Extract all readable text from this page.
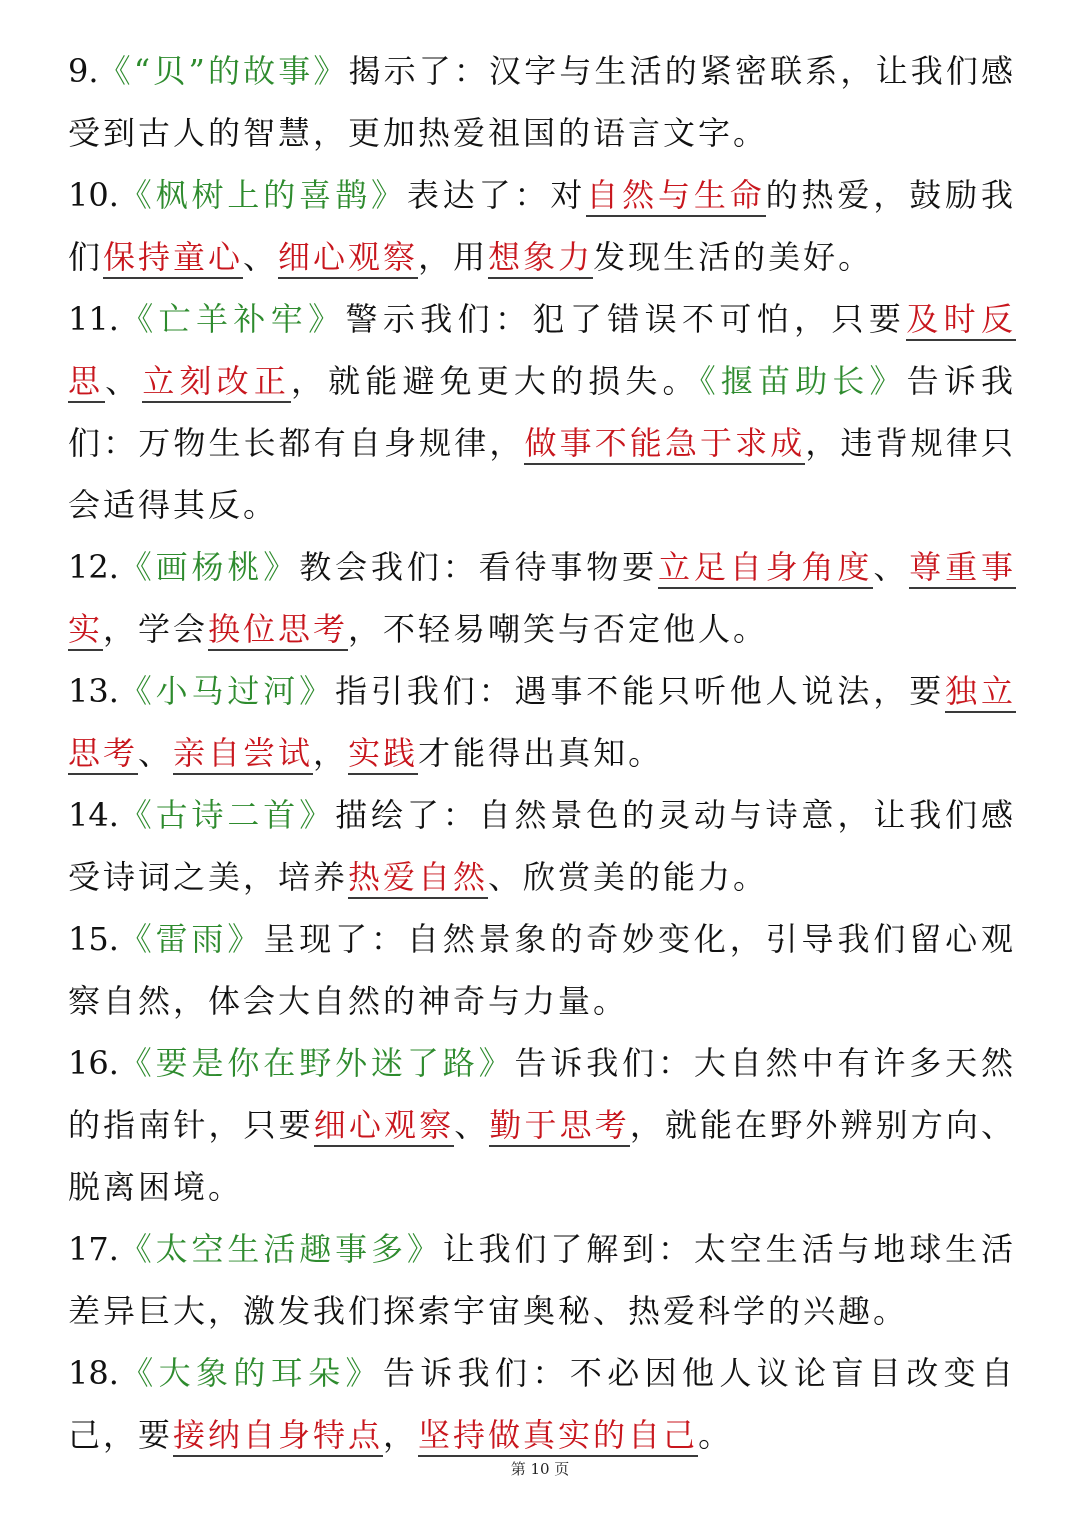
9.《“贝”的故事》揭示了：汉字与生活的紧密联系，让我们感受到古人的智慧，更加热爱祖国的语言文字。

10.《枫树上的喜鹊》表达了：对自然与生命的热爱，鼓励我们保持童心、细心观察，用想象力发现生活的美好。

11.《亡羊补牢》警示我们：犯了错误不可怕，只要及时反思、立刻改正，就能避免更大的损失。《揠苗助长》告诉我们：万物生长都有自身规律，做事不能急于求成，违背规律只会适得其反。

12.《画杨桃》教会我们：看待事物要立足自身角度、尊重事实，学会换位思考，不轻易嘲笑与否定他人。

13.《小马过河》指引我们：遇事不能只听他人说法，要独立思考、亲自尝试，实践才能得出真知。

14.《古诗二首》描绘了：自然景色的灵动与诗意，让我们感受诗词之美，培养热爱自然、欣赏美的能力。

15.《雷雨》呈现了：自然景象的奇妙变化，引导我们留心观察自然，体会大自然的神奇与力量。

16.《要是你在野外迷了路》告诉我们：大自然中有许多天然的指南针，只要细心观察、勤于思考，就能在野外辨别方向、脱离困境。

17.《太空生活趣事多》让我们了解到：太空生活与地球生活差异巨大，激发我们探索宇宙奥秘、热爱科学的兴趣。

18.《大象的耳朵》告诉我们：不必因他人议论盲目改变自己，要接纳自身特点，坚持做真实的自己。

第 10 页
